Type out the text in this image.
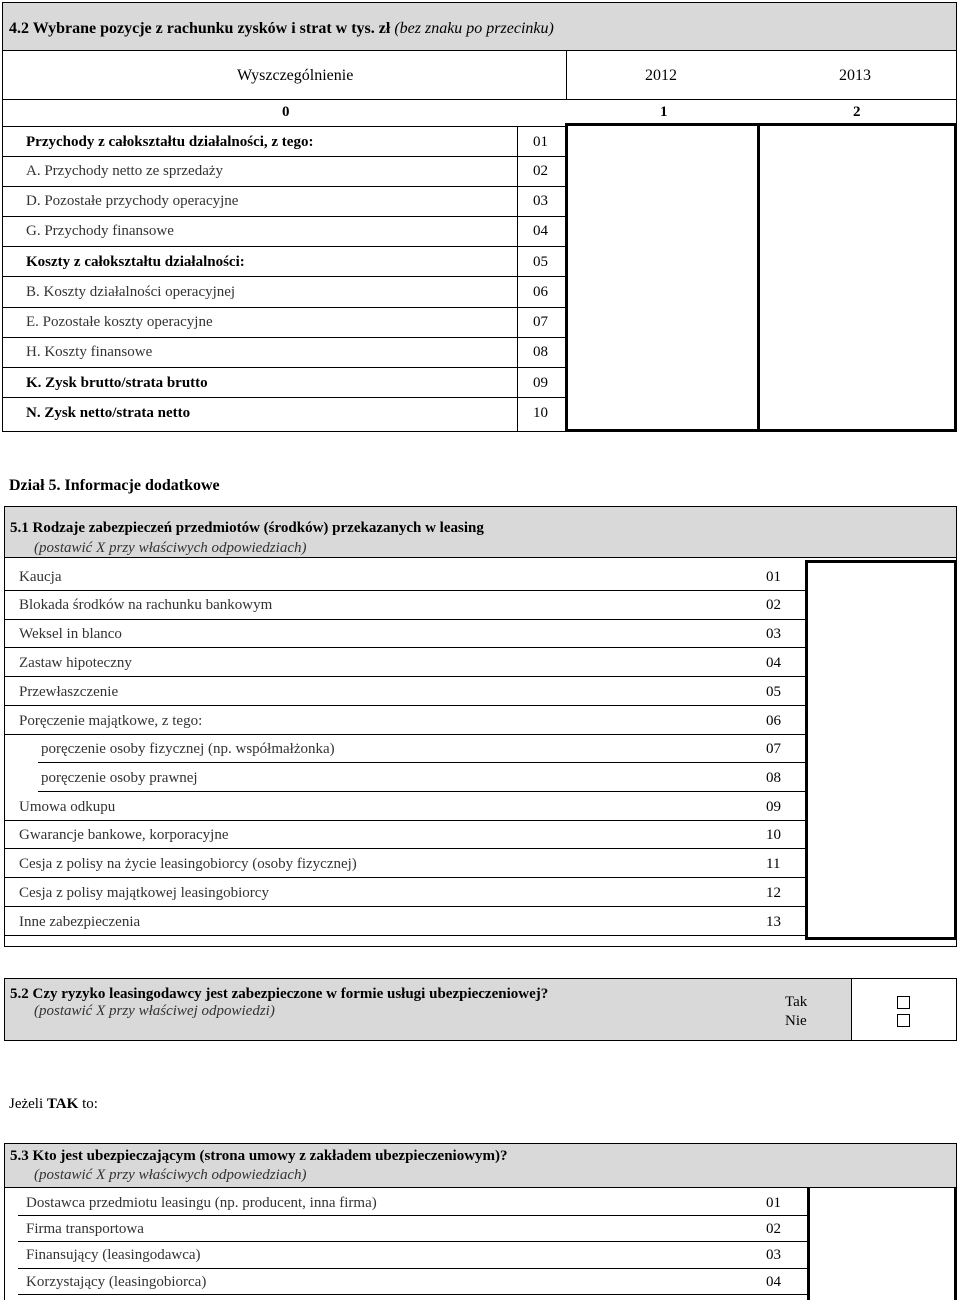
4.2 Wybrane pozycje z rachunku zysków i strat w tys. zł (bez znaku po przecinku)
Wyszczególnienie	2012	2013
0	1	2
Przychody z całokształtu działalności, z tego:	01
A. Przychody netto ze sprzedaży	02
D. Pozostałe przychody operacyjne	03
G. Przychody finansowe	04
Koszty z całokształtu działalności:	05
B. Koszty działalności operacyjnej	06
E. Pozostałe koszty operacyjne	07
H. Koszty finansowe	08
K. Zysk brutto/strata brutto	09
N. Zysk netto/strata netto	10
Dział 5. Informacje dodatkowe
5.1 Rodzaje zabezpieczeń przedmiotów (środków) przekazanych w leasing
(postawić X przy właściwych odpowiedziach)
Kaucja	01
Blokada środków na rachunku bankowym	02
Weksel in blanco	03
Zastaw hipoteczny	04
Przewłaszczenie	05
Poręczenie majątkowe, z tego:	06
poręczenie osoby fizycznej (np. współmałżonka)	07
poręczenie osoby prawnej	08
Umowa odkupu	09
Gwarancje bankowe, korporacyjne	10
Cesja z polisy na życie leasingobiorcy (osoby fizycznej)	11
Cesja z polisy majątkowej leasingobiorcy	12
Inne zabezpieczenia	13
5.2 Czy ryzyko leasingodawcy jest zabezpieczone w formie usługi ubezpieczeniowej?
(postawić X przy właściwej odpowiedzi)
Tak
Nie
Jeżeli TAK to:
5.3 Kto jest ubezpieczającym (strona umowy z zakładem ubezpieczeniowym)?
(postawić X przy właściwych odpowiedziach)
Dostawca przedmiotu leasingu (np. producent, inna firma)	01
Firma transportowa	02
Finansujący (leasingodawca)	03
Korzystający (leasingobiorca)	04
